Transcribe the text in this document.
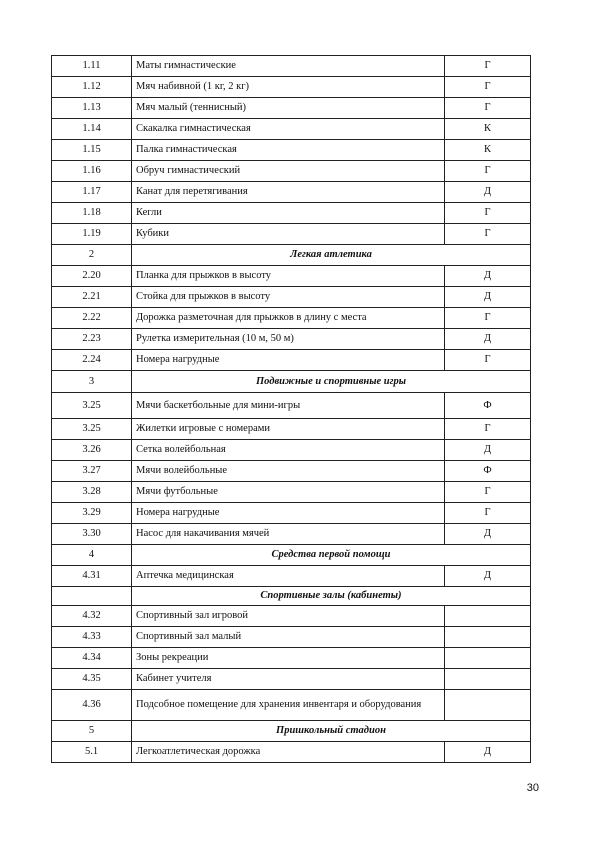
1.11	Маты гимнастические	Г
1.12	Мяч набивной (1 кг, 2 кг)	Г
1.13	Мяч малый (теннисный)	Г
1.14	Скакалка гимнастическая	К
1.15	Палка гимнастическая	К
1.16	Обруч гимнастический	Г
1.17	Канат для перетягивания	Д
1.18	Кегли	Г
1.19	Кубики	Г
2	Легкая атлетика	
2.20	Планка для прыжков в высоту	Д
2.21	Стойка для прыжков в высоту	Д
2.22	Дорожка разметочная для прыжков в длину с места	Г
2.23	Рулетка измерительная (10 м, 50 м)	Д
2.24	Номера нагрудные	Г
3	Подвижные и спортивные игры	
3.25	Мячи баскетбольные для мини-игры	Ф
3.25	Жилетки игровые с номерами	Г
3.26	Сетка волейбольная	Д
3.27	Мячи волейбольные	Ф
3.28	Мячи футбольные	Г
3.29	Номера нагрудные	Г
3.30	Насос для накачивания мячей	Д
4	Средства первой помощи	
4.31	Аптечка медицинская	Д
	Спортивные залы (кабинеты)	
4.32	Спортивный зал игровой	
4.33	Спортивный зал малый	
4.34	Зоны рекреации	
4.35	Кабинет учителя	
4.36	Подсобное помещение для хранения инвентаря и оборудования	
5	Пришкольный стадион	
5.1	Легкоатлетическая дорожка	Д
30
